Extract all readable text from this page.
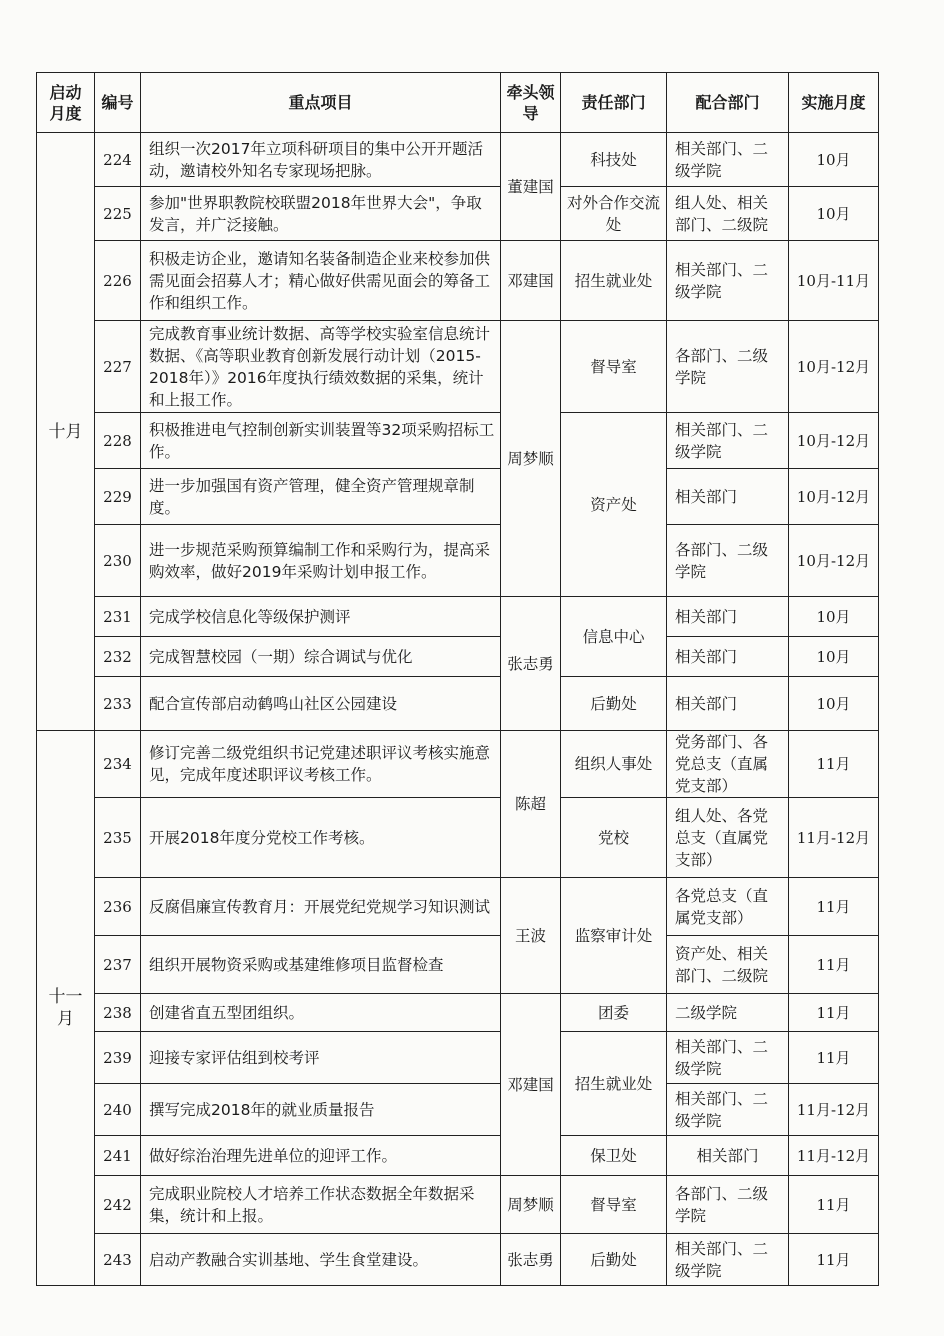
启动月度	编号	重点项目	牵头领导	责任部门	配合部门	实施月度
十月	224	组织一次2017年立项科研项目的集中公开开题活动，邀请校外知名专家现场把脉。	董建国	科技处	相关部门、二级学院	10月
	225	参加"世界职教院校联盟2018年世界大会"，争取发言，并广泛接触。		对外合作交流处	组人处、相关部门、二级院	10月
	226	积极走访企业，邀请知名装备制造企业来校参加供需见面会招募人才；精心做好供需见面会的筹备工作和组织工作。	邓建国	招生就业处	相关部门、二级学院	10月-11月
	227	完成教育事业统计数据、高等学校实验室信息统计数据、《高等职业教育创新发展行动计划（2015-2018年）》2016年度执行绩效数据的采集，统计和上报工作。	周梦顺	督导室	各部门、二级学院	10月-12月
	228	积极推进电气控制创新实训装置等32项采购招标工作。		资产处	相关部门、二级学院	10月-12月
	229	进一步加强国有资产管理，健全资产管理规章制度。			相关部门	10月-12月
	230	进一步规范采购预算编制工作和采购行为，提高采购效率，做好2019年采购计划申报工作。			各部门、二级学院	10月-12月
	231	完成学校信息化等级保护测评	张志勇	信息中心	相关部门	10月
	232	完成智慧校园（一期）综合调试与优化			相关部门	10月
	233	配合宣传部启动鹤鸣山社区公园建设		后勤处	相关部门	10月
十一月	234	修订完善二级党组织书记党建述职评议考核实施意见，完成年度述职评议考核工作。	陈超	组织人事处	党务部门、各党总支（直属党支部）	11月
	235	开展2018年度分党校工作考核。		党校	组人处、各党总支（直属党支部）	11月-12月
	236	反腐倡廉宣传教育月：开展党纪党规学习知识测试	王波	监察审计处	各党总支（直属党支部）	11月
	237	组织开展物资采购或基建维修项目监督检查			资产处、相关部门、二级院	11月
	238	创建省直五型团组织。	邓建国	团委	二级学院	11月
	239	迎接专家评估组到校考评		招生就业处	相关部门、二级学院	11月
	240	撰写完成2018年的就业质量报告			相关部门、二级学院	11月-12月
	241	做好综治治理先进单位的迎评工作。		保卫处	相关部门	11月-12月
	242	完成职业院校人才培养工作状态数据全年数据采集，统计和上报。	周梦顺	督导室	各部门、二级学院	11月
	243	启动产教融合实训基地、学生食堂建设。	张志勇	后勤处	相关部门、二级学院	11月
